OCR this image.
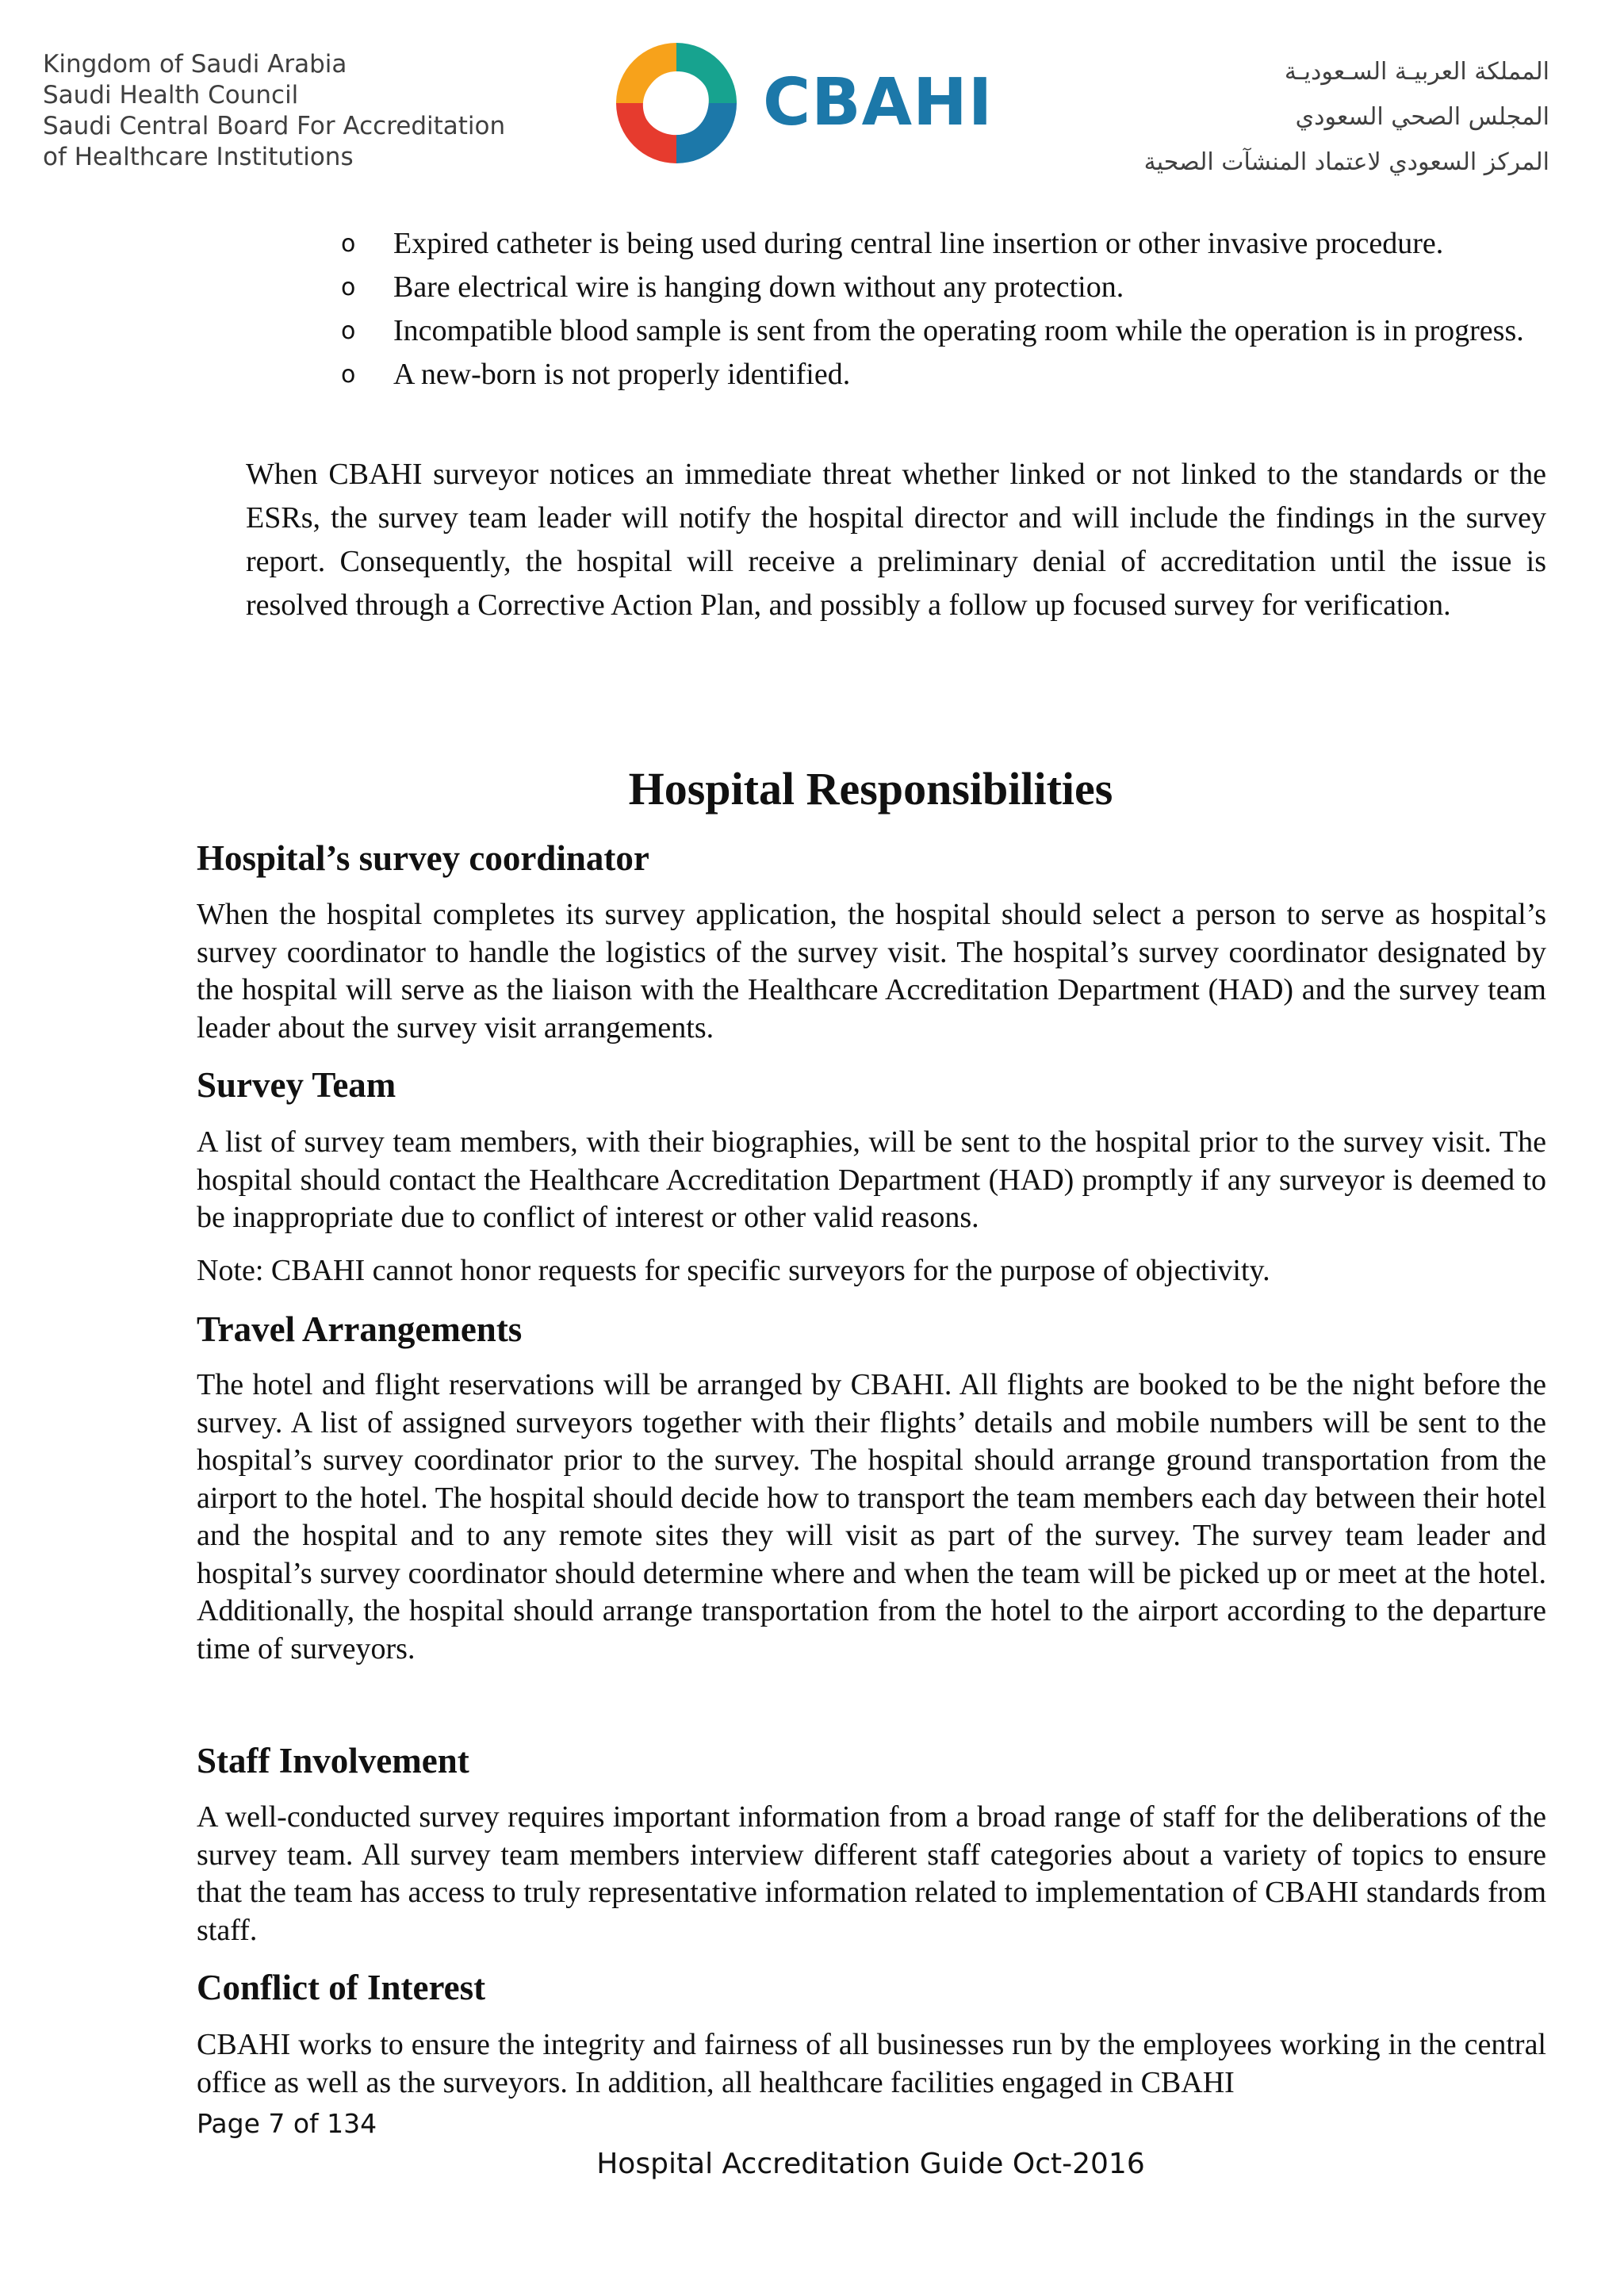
Kingdom of Saudi Arabia
Saudi Health Council
Saudi Central Board For Accreditation
of Healthcare Institutions
CBAHI	المملكة العربيـة السـعوديـة
المجلس الصحي السعودي
المركز السعودي لاعتماد المنشآت الصحية
o Expired catheter is being used during central line insertion or other invasive procedure.
o Bare electrical wire is hanging down without any protection.
o Incompatible blood sample is sent from the operating room while the operation is in progress.
o A new-born is not properly identified.

When CBAHI surveyor notices an immediate threat whether linked or not linked to the standards or the ESRs, the survey team leader will notify the hospital director and will include the findings in the survey report. Consequently, the hospital will receive a preliminary denial of accreditation until the issue is resolved through a Corrective Action Plan, and possibly a follow up focused survey for verification.

Hospital Responsibilities
Hospital’s survey coordinator

When the hospital completes its survey application, the hospital should select a person to serve as hospital’s survey coordinator to handle the logistics of the survey visit. The hospital’s survey coordinator designated by the hospital will serve as the liaison with the Healthcare Accreditation Department (HAD) and the survey team leader about the survey visit arrangements.

Survey Team

A list of survey team members, with their biographies, will be sent to the hospital prior to the survey visit. The hospital should contact the Healthcare Accreditation Department (HAD) promptly if any surveyor is deemed to be inappropriate due to conflict of interest or other valid reasons.

Note: CBAHI cannot honor requests for specific surveyors for the purpose of objectivity.

Travel Arrangements

The hotel and flight reservations will be arranged by CBAHI. All flights are booked to be the night before the survey. A list of assigned surveyors together with their flights’ details and mobile numbers will be sent to the hospital’s survey coordinator prior to the survey. The hospital should arrange ground transportation from the airport to the hotel. The hospital should decide how to transport the team members each day between their hotel and the hospital and to any remote sites they will visit as part of the survey. The survey team leader and hospital’s survey coordinator should determine where and when the team will be picked up or meet at the hotel. Additionally, the hospital should arrange transportation from the hotel to the airport according to the departure time of surveyors.

Staff Involvement

A well-conducted survey requires important information from a broad range of staff for the deliberations of the survey team. All survey team members interview different staff categories about a variety of topics to ensure that the team has access to truly representative information related to implementation of CBAHI standards from staff.

Conflict of Interest

CBAHI works to ensure the integrity and fairness of all businesses run by the employees working in the central office as well as the surveyors. In addition, all healthcare facilities engaged in CBAHI

Page 7 of 134
Hospital Accreditation Guide Oct-2016
